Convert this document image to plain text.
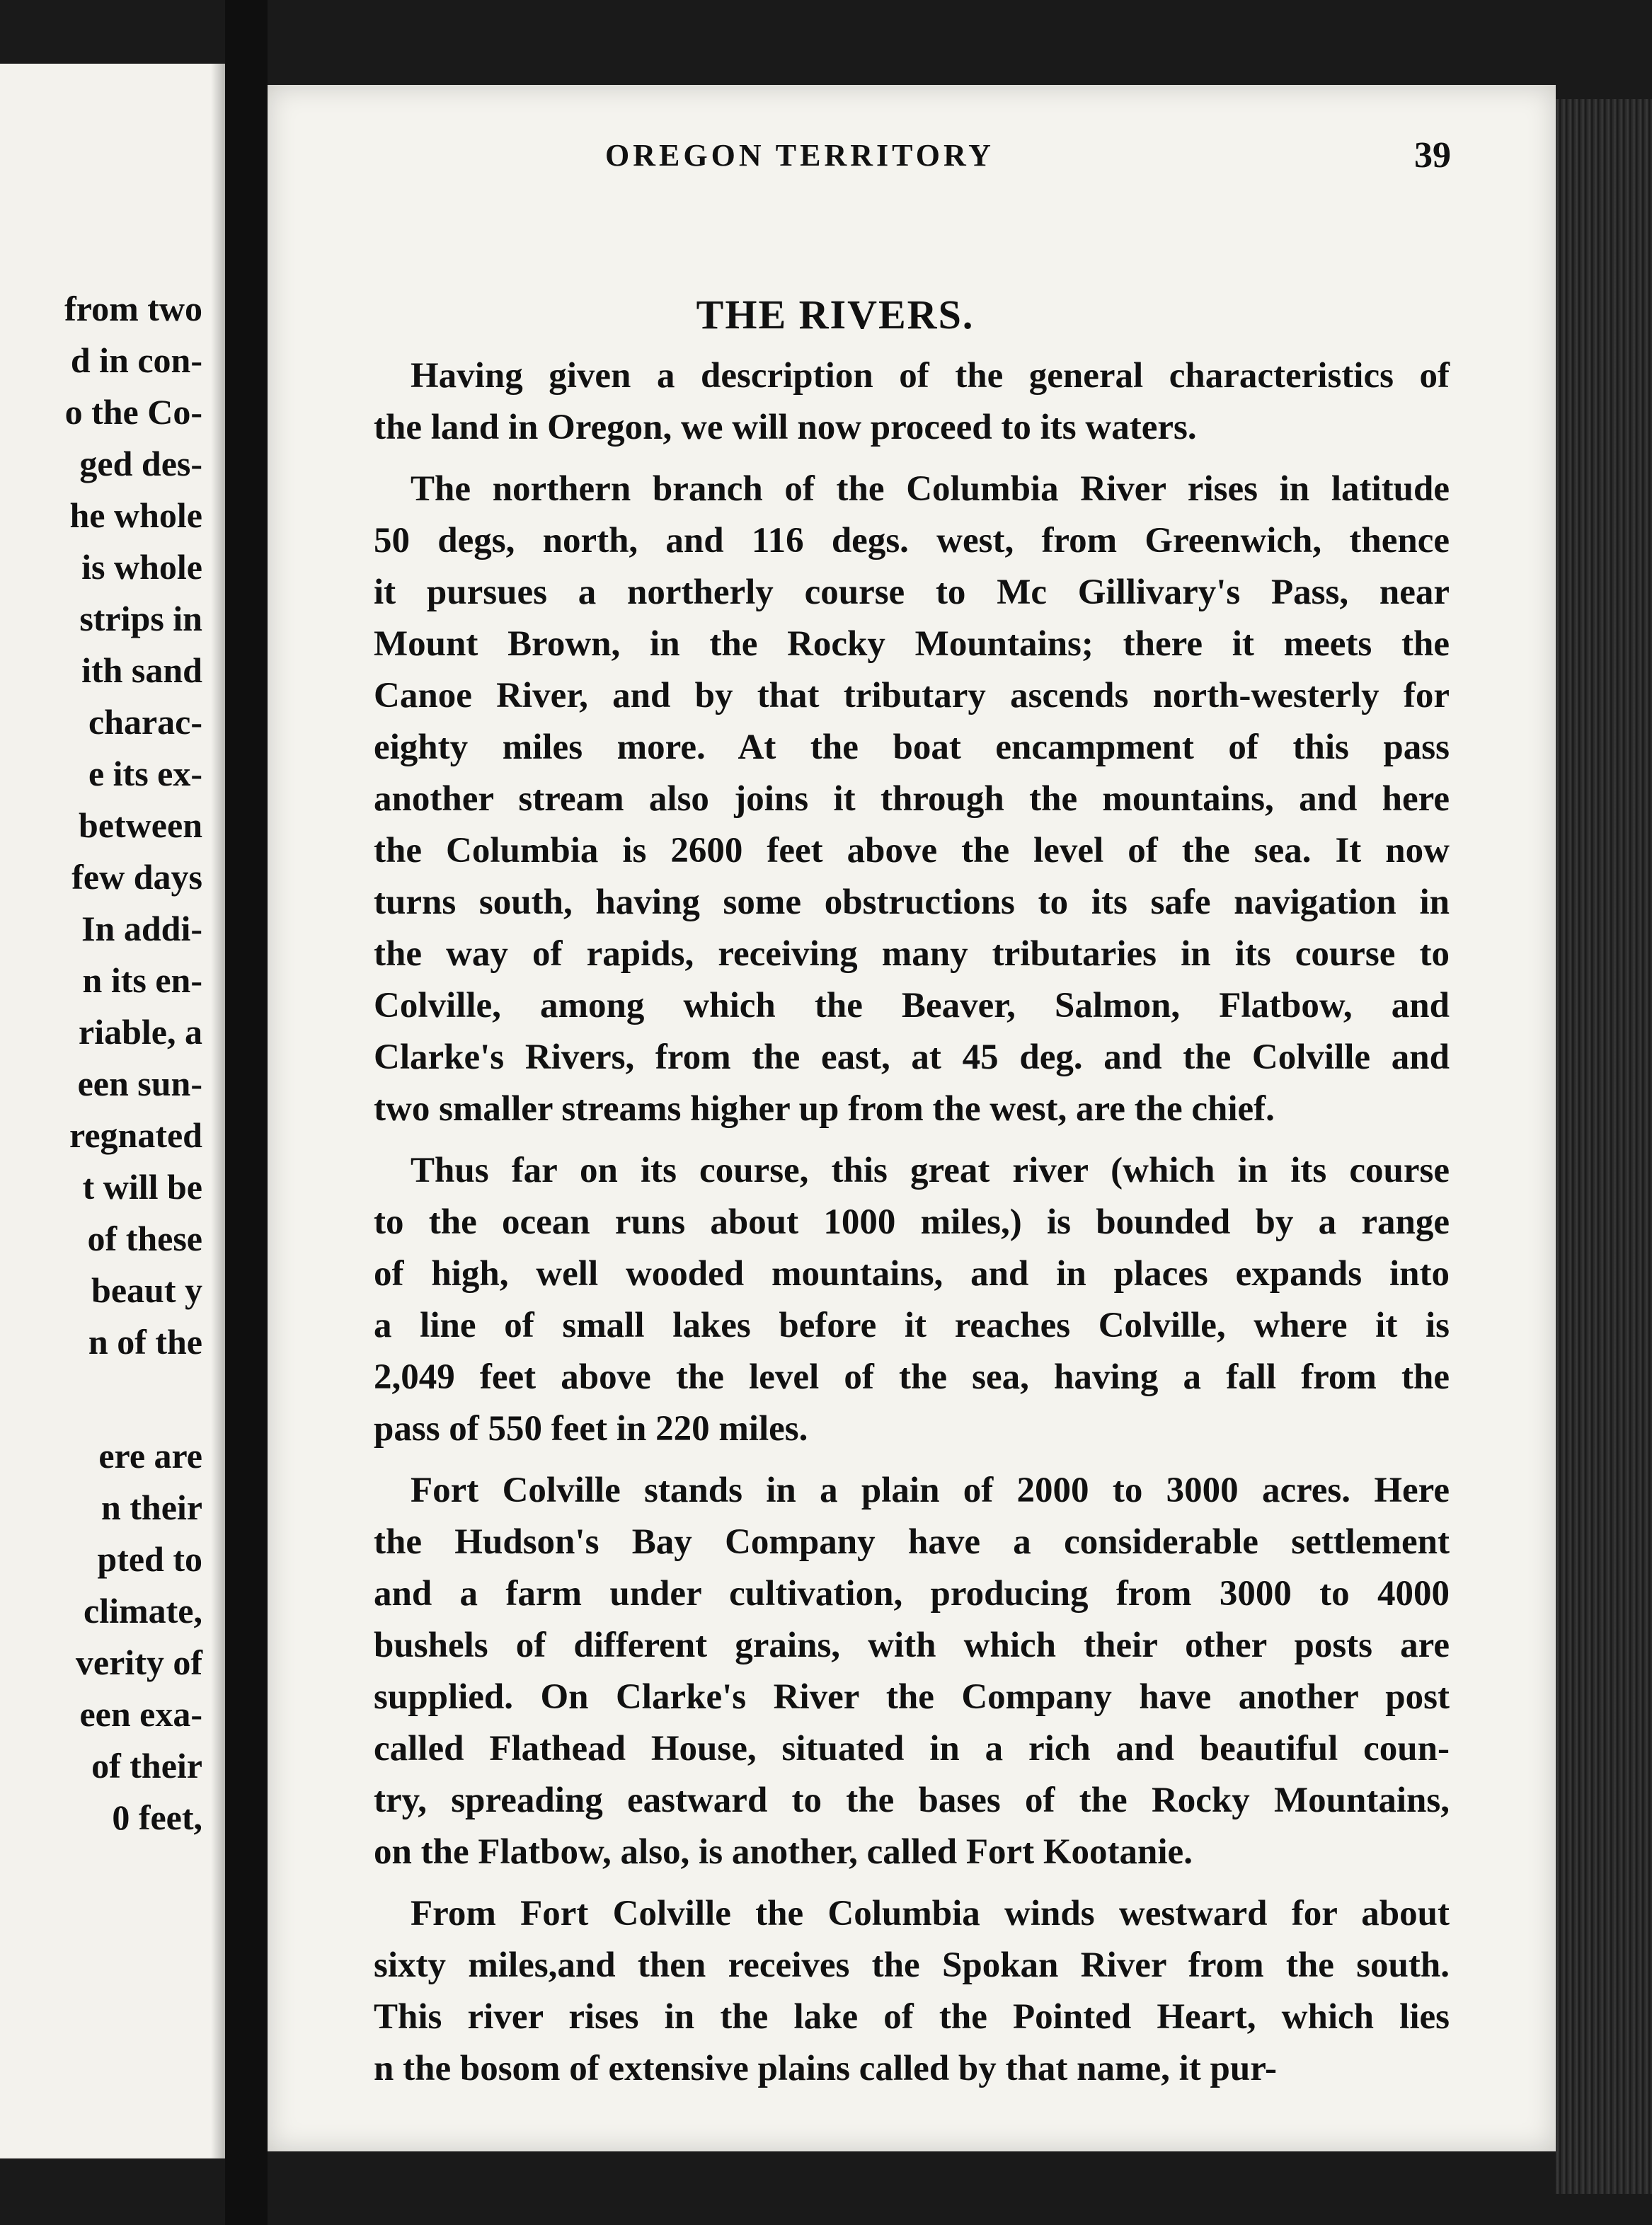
from two
d in con-
o the Co-
ged des-
he whole
is whole
strips in
ith sand
charac-
e its ex-
between
few days
In addi-
n its en-
riable, a
een sun-
regnated
t will be
of these
beaut y
n of the
ere are
n their
pted to
climate,
verity of
een exa-
of their
0 feet,
OREGON TERRITORY	39
THE RIVERS.
Having given a description of the general characteristics of
the land in Oregon, we will now proceed to its waters.
The northern branch of the Columbia River rises in latitude
50 degs, north, and 116 degs. west, from Greenwich, thence
it pursues a northerly course to Mc Gillivary's Pass, near
Mount Brown, in the Rocky Mountains; there it meets the
Canoe River, and by that tributary ascends north-westerly for
eighty miles more. At the boat encampment of this pass
another stream also joins it through the mountains, and here
the Columbia is 2600 feet above the level of the sea. It now
turns south, having some obstructions to its safe navigation in
the way of rapids, receiving many tributaries in its course to
Colville, among which the Beaver, Salmon, Flatbow, and
Clarke's Rivers, from the east, at 45 deg. and the Colville and
two smaller streams higher up from the west, are the chief.
Thus far on its course, this great river (which in its course
to the ocean runs about 1000 miles,) is bounded by a range
of high, well wooded mountains, and in places expands into
a line of small lakes before it reaches Colville, where it is
2,049 feet above the level of the sea, having a fall from the
pass of 550 feet in 220 miles.
Fort Colville stands in a plain of 2000 to 3000 acres. Here
the Hudson's Bay Company have a considerable settlement
and a farm under cultivation, producing from 3000 to 4000
bushels of different grains, with which their other posts are
supplied. On Clarke's River the Company have another post
called Flathead House, situated in a rich and beautiful coun-
try, spreading eastward to the bases of the Rocky Mountains,
on the Flatbow, also, is another, called Fort Kootanie.
From Fort Colville the Columbia winds westward for about
sixty miles,and then receives the Spokan River from the south.
This river rises in the lake of the Pointed Heart, which lies
n the bosom of extensive plains called by that name, it pur-
